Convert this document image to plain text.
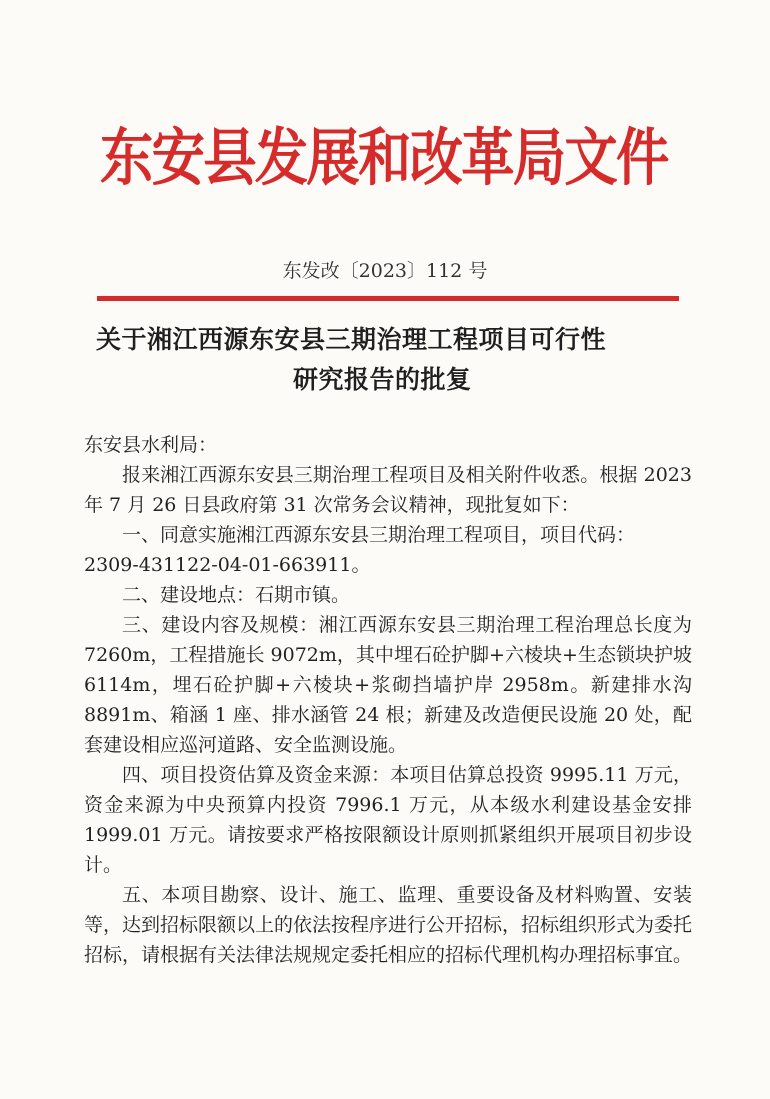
东安县发展和改革局文件
东发改〔2023〕112 号
关于湘江西源东安县三期治理工程项目可行性
研究报告的批复

东安县水利局：

报来湘江西源东安县三期治理工程项目及相关附件收悉。根据 2023 年 7 月 26 日县政府第 31 次常务会议精神，现批复如下：

一、同意实施湘江西源东安县三期治理工程项目，项目代码：

2309-431122-04-01-663911。

二、建设地点：石期市镇。

三、建设内容及规模：湘江西源东安县三期治理工程治理总长度为 7260m，工程措施长 9072m，其中埋石砼护脚+六棱块+生态锁块护坡 6114m，埋石砼护脚+六棱块+浆砌挡墙护岸 2958m。新建排水沟 8891m、箱涵 1 座、排水涵管 24 根；新建及改造便民设施 20 处，配套建设相应巡河道路、安全监测设施。

四、项目投资估算及资金来源：本项目估算总投资 9995.11 万元，资金来源为中央预算内投资 7996.1 万元，从本级水利建设基金安排 1999.01 万元。请按要求严格按限额设计原则抓紧组织开展项目初步设计。

五、本项目勘察、设计、施工、监理、重要设备及材料购置、安装等，达到招标限额以上的依法按程序进行公开招标，招标组织形式为委托招标，请根据有关法律法规规定委托相应的招标代理机构办理招标事宜。
